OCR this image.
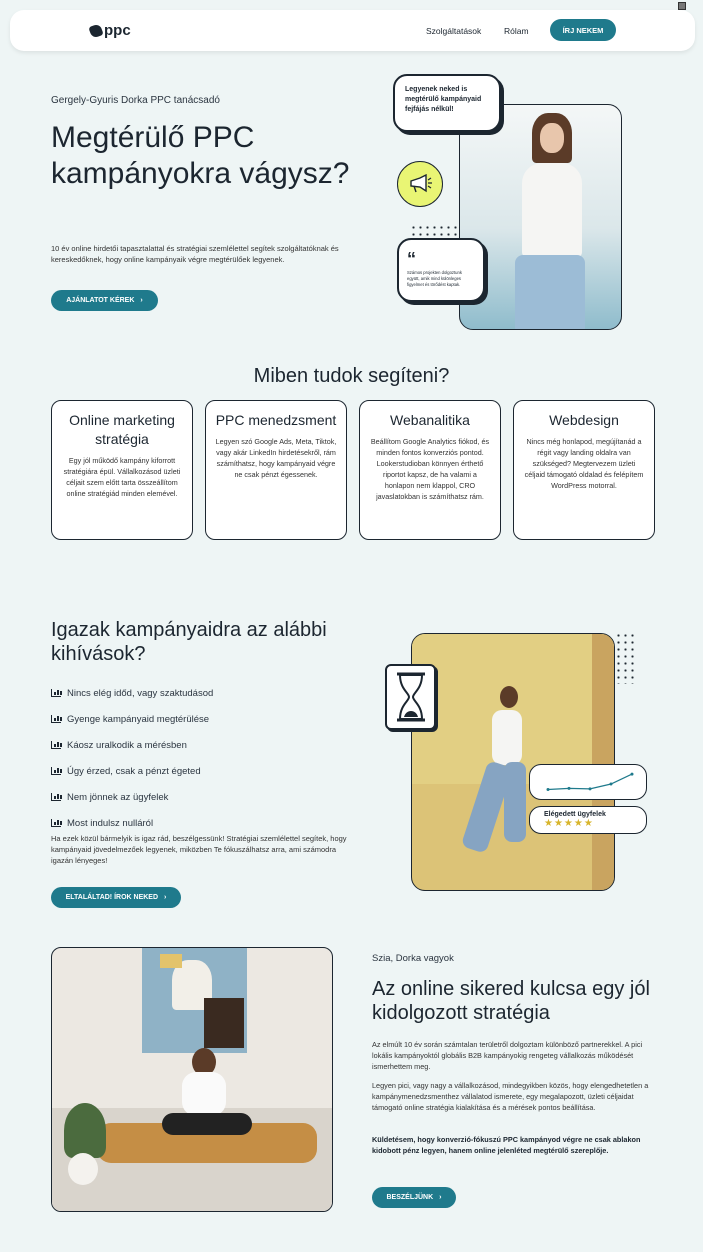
ppc	Szolgáltatások	Rólam	ÍRJ NEKEM
Gergely-Gyuris Dorka PPC tanácsadó
Megtérülő PPC kampányokra vágysz?

10 év online hirdetői tapasztalattal és stratégiai szemlélettel segítek szolgáltatóknak és kereskedőknek, hogy online kampányaik végre megtérülőek legyenek.

AJÁNLATOT KÉREK ›
Legyenek neked is megtérülő kampányaid fejfájás nélkül!
“
Számos projekten dolgoztunk együtt, amik mind különleges figyelmet és törődést kaptak.
Miben tudok segíteni?
Online marketing stratégia
Egy jól működő kampány kiforrott stratégiára épül. Vállalkozásod üzleti céljait szem előtt tarta összeállítom online stratégiád minden elemével.
PPC menedzsment
Legyen szó Google Ads, Meta, Tiktok, vagy akár LinkedIn hirdetésekről, rám számíthatsz, hogy kampányaid végre ne csak pénzt égessenek.
Webanalitika
Beállítom Google Analytics fiókod, és minden fontos konverziós pontod. Lookerstudioban könnyen érthető riportot kapsz, de ha valami a honlapon nem klappol, CRO javaslatokban is számíthatsz rám.
Webdesign
Nincs még honlapod, megújítanád a régit vagy landing oldalra van szükséged? Megtervezem üzleti céljaid támogató oldalad és felépítem WordPress motorral.
Igazak kampányaidra az alábbi kihívások?
Nincs elég időd, vagy szaktudásod
Gyenge kampányaid megtérülése
Káosz uralkodik a mérésben
Úgy érzed, csak a pénzt égeted
Nem jönnek az ügyfelek
Most indulsz nulláról

Ha ezek közül bármelyik is igaz rád, beszélgessünk! Stratégiai szemlélettel segítek, hogy kampányaid jövedelmezőek legyenek, miközben Te fókuszálhatsz arra, ami számodra igazán lényeges!

ELTALÁLTAD! ÍROK NEKED ›
Elégedett ügyfelek
★★★★★
Szia, Dorka vagyok
Az online sikered kulcsa egy jól kidolgozott stratégia

Az elmúlt 10 év során számtalan területről dolgoztam különböző partnerekkel. A pici lokális kampányoktól globális B2B kampányokig rengeteg vállalkozás működését ismerhettem meg.

Legyen pici, vagy nagy a vállalkozásod, mindegyikben közös, hogy elengedhetetlen a kampánymenedzsmenthez vállalatod ismerete, egy megalapozott, üzleti céljaidat támogató online stratégia kialakítása és a mérések pontos beállítása.

Küldetésem, hogy konverzió-fókuszú PPC kampányod végre ne csak ablakon kidobott pénz legyen, hanem online jelenléted megtérülő szereplője.

BESZÉLJÜNK ›
